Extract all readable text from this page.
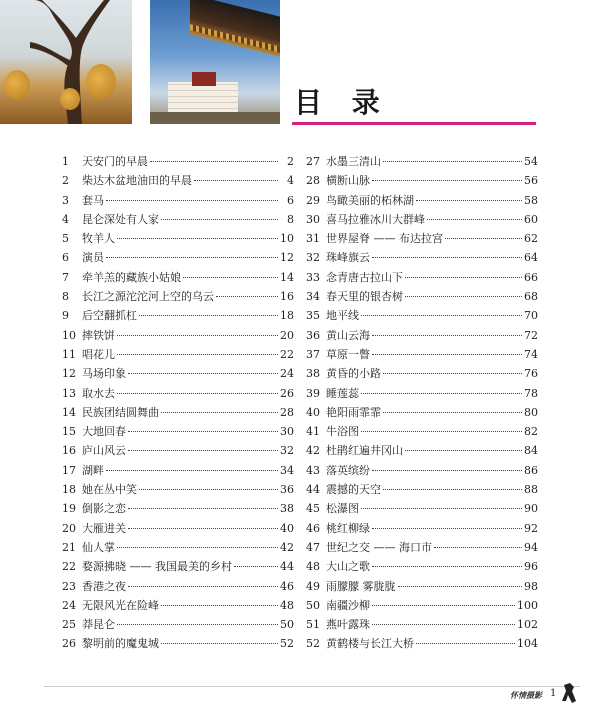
目 录
1	天安门的早晨	2
2	柴达木盆地油田的早晨	4
3	套马	6
4	昆仑深处有人家	8
5	牧羊人	10
6	演员	12
7	牵羊羔的藏族小姑娘	14
8	长江之源沱沱河上空的乌云	16
9	后空翻抓杠	18
10 摔铁饼	20
11 唱花儿	22
12 马场印象	24
13 取水去	26
14 民族团结圆舞曲	28
15 大地回春	30
16 庐山风云	32
17 湖畔	34
18 她在丛中笑	36
19 倒影之恋	38
20 大雁进关	40
21 仙人掌	42
22 婺源拂晓 —— 我国最美的乡村	44
23 香港之夜	46
24 无限风光在险峰	48
25 莽昆仑	50
26 黎明前的魔鬼城	52
27 水墨三清山	54
28 横断山脉	56
29 鸟瞰美丽的柘林湖	58
30 喜马拉雅冰川大群峰	60
31 世界屋脊 —— 布达拉宫	62
32 珠峰旗云	64
33 念青唐古拉山下	66
34 春天里的银杏树	68
35 地平线	70
36 黄山云海	72
37 草原一瞥	74
38 黄昏的小路	76
39 睡莲蕊	78
40 艳阳雨霏霏	80
41 牛浴图	82
42 杜鹃红遍井冈山	84
43 落英缤纷	86
44 震撼的天空	88
45 松瀑图	90
46 桃红柳绿	92
47 世纪之交 —— 海口市	94
48 大山之歌	96
49 雨朦朦 雾胧胧	98
50 南疆沙柳	100
51 燕叶露珠	102
52 黄鹤楼与长江大桥	104
怀情摄影 1
